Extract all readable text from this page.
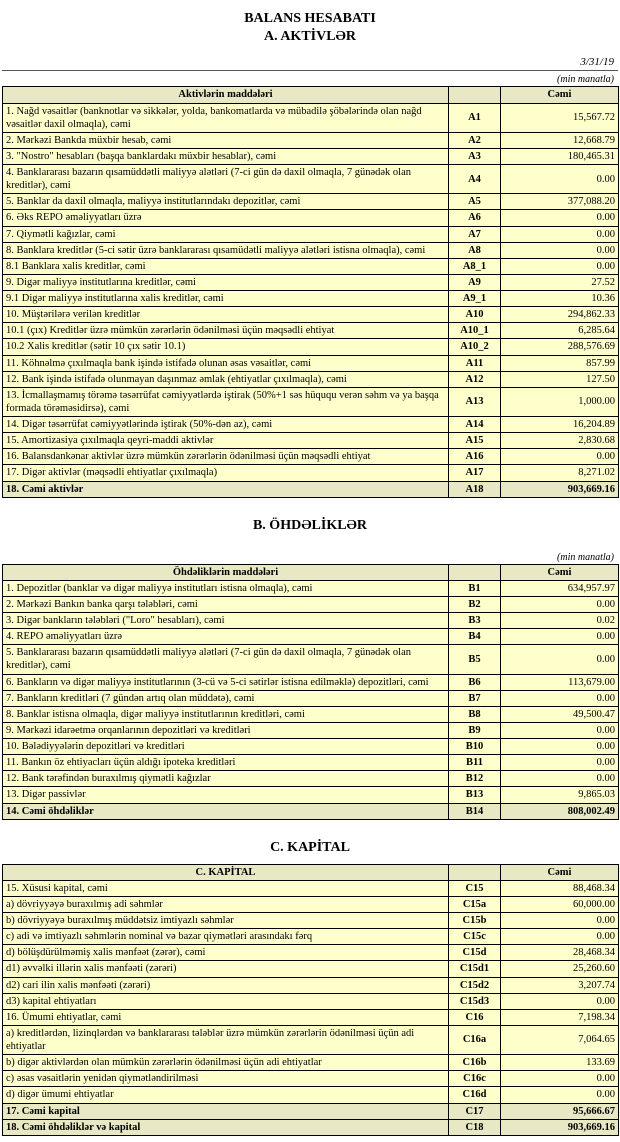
BALANS HESABATI
A. AKTİVLƏR
3/31/19
(min manatla)
Aktivlərin maddələri		Cəmi
1. Nağd vəsaitlər (banknotlar və sikkələr, yolda, bankomatlarda və mübadilə şöbələrində olan nağd vəsaitlər daxil olmaqla), cəmi	A1	15,567.72
2. Mərkəzi Bankda müxbir hesab, cəmi	A2	12,668.79
3. "Nostro" hesabları (başqa banklardakı müxbir hesablar), cəmi	A3	180,465.31
4. Banklararası bazarın qısamüddətli maliyyə alətləri (7-ci gün də daxil olmaqla, 7 günədək olan kreditlər), cəmi	A4	0.00
5. Banklar da daxil olmaqla, maliyyə institutlarındakı depozitlər, cəmi	A5	377,088.20
6. Əks REPO əməliyyatları üzrə	A6	0.00
7. Qiymətli kağızlar, cəmi	A7	0.00
8. Banklara kreditlər (5-ci sətir üzrə banklararası qısamüdətli maliyyə alətləri istisna olmaqla), cəmi	A8	0.00
8.1 Banklara xalis kreditlər, cəmi	A8_1	0.00
9. Digər maliyyə institutlarına kreditlər, cəmi	A9	27.52
9.1 Digər maliyyə institutlarına xalis kreditlər, cəmi	A9_1	10.36
10. Müştərilərə verilən kreditlər	A10	294,862.33
10.1 (çıx) Kreditlər üzrə mümkün zərərlərin ödənilməsi üçün məqsədli ehtiyat	A10_1	6,285.64
10.2 Xalis kreditlər (sətir 10 çıx sətir 10.1)	A10_2	288,576.69
11. Köhnəlmə çıxılmaqla bank işində istifadə olunan əsas vəsaitlər, cəmi	A11	857.99
12. Bank işində istifadə olunmayan daşınmaz əmlak (ehtiyatlar çıxılmaqla), cəmi	A12	127.50
13. İcmallaşmamış törəmə təsərrüfat cəmiyyətlərdə iştirak (50%+1 səs hüququ verən səhm və ya başqa formada törəməsidirsə), cəmi	A13	1,000.00
14. Digər təsərrüfat cəmiyyətlərində iştirak (50%-dən az), cəmi	A14	16,204.89
15. Amortizasiya çıxılmaqla qeyri-maddi aktivlər	A15	2,830.68
16. Balansdankənar aktivlər üzrə mümkün zərərlərin ödənilməsi üçün məqsədli ehtiyat	A16	0.00
17. Digər aktivlər (məqsədli ehtiyatlar çıxılmaqla)	A17	8,271.02
18. Cəmi aktivlər	A18	903,669.16
B. ÖHDƏLİKLƏR
(min manatla)
Öhdəliklərin maddələri		Cəmi
1. Depozitlər (banklar və digər maliyyə institutları istisna olmaqla), cəmi	B1	634,957.97
2. Mərkəzi Bankın banka qarşı tələbləri, cəmi	B2	0.00
3. Digər bankların tələbləri ("Loro" hesabları), cəmi	B3	0.02
4. REPO əməliyyatları üzrə	B4	0.00
5. Banklararası bazarın qısamüddətli maliyyə alətləri (7-ci gün də daxil olmaqla, 7 günədək olan kreditlər), cəmi	B5	0.00
6. Bankların və digər maliyyə institutlarının (3-cü və 5-ci sətirlər istisna edilməklə) depozitləri, cəmi	B6	113,679.00
7. Bankların kreditləri (7 gündən artıq olan müddətə), cəmi	B7	0.00
8. Banklar istisna olmaqla, digər maliyyə institutlarının kreditləri, cəmi	B8	49,500.47
9. Mərkəzi idarəetmə orqanlarının depozitləri və kreditləri	B9	0.00
10. Bələdiyyələrin depozitləri və kreditləri	B10	0.00
11. Bankın öz ehtiyacları üçün aldığı ipoteka kreditləri	B11	0.00
12. Bank tərəfindən buraxılmış qiymətli kağızlar	B12	0.00
13. Digər passivlər	B13	9,865.03
14. Cəmi öhdəliklər	B14	808,002.49
C. KAPİTAL
C. KAPİTAL		Cəmi
15. Xüsusi kapital, cəmi	C15	88,468.34
a) dövriyyəyə buraxılmış adi səhmlər	C15a	60,000.00
b) dövriyyəyə buraxılmış müddətsiz imtiyazlı səhmlər	C15b	0.00
c) adi və imtiyazlı səhmlərin nominal və bazar qiymətləri arasındakı fərq	C15c	0.00
d) bölüşdürülməmiş xalis mənfəət (zərər), cəmi	C15d	28,468.34
d1) əvvəlki illərin xalis mənfəəti (zərəri)	C15d1	25,260.60
d2) cari ilin xalis mənfəəti (zərəri)	C15d2	3,207.74
d3) kapital ehtiyatları	C15d3	0.00
16. Ümumi ehtiyatlar, cəmi	C16	7,198.34
a) kreditlərdən, lizinqlərdən və banklararası tələblər üzrə mümkün zərərlərin ödənilməsi üçün adi ehtiyatlar	C16a	7,064.65
b) digər aktivlərdən olan mümkün zərərlərin ödənilməsi üçün adi ehtiyatlar	C16b	133.69
c) əsas vəsaitlərin yenidən qiymətləndirilməsi	C16c	0.00
d) digər ümumi ehtiyatlar	C16d	0.00
17. Cəmi kapital	C17	95,666.67
18. Cəmi öhdəliklər və kapital	C18	903,669.16
